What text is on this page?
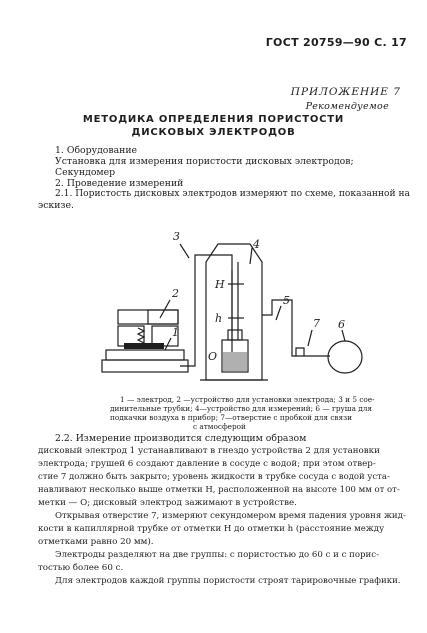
ГОСТ 20759—90 С. 17
ПРИЛОЖЕНИЕ 7
Рекомендуемое
МЕТОДИКА ОПРЕДЕЛЕНИЯ ПОРИСТОСТИ
ДИСКОВЫХ ЭЛЕКТРОДОВ
1. Оборудование
Установка для измерения пористости дисковых электродов;
Секундомер
2. Проведение измерений
2.1. Пористость дисковых электродов измеряют по схеме, показанной на
эскизе.
3
4
5
7 6
1
2
H
h
O
1 — электрод, 2 —устройство для установки электрода; 3 и 5 сое-
динительные трубки; 4—устройство для измерений; 6 — груша для
подкачки воздуха в прибор; 7—отверстие с пробкой для связи
с атмосферой
2.2. Измерение производится следующим образом
дисковый электрод 1 устанавливают в гнездо устройства 2 для установки
электрода; грушей 6 создают давление в сосуде с водой; при этом отвер-
стие 7 должно быть закрыто; уровень жидкости в трубке сосуда с водой уста-
навливают несколько выше отметки H, расположенной на высоте 100 мм от от-
метки — O; дисковый электрод зажимают в устройстве.
Открывая отверстие 7, измеряют секундомером время падения уровня жид-
кости в капиллярной трубке от отметки H до отметки h (расстояние между
отметками равно 20 мм).
Электроды разделяют на две группы: с пористостью до 60 с и с порис-
тостью более 60 с.
Для электродов каждой группы пористости строят тарировочные графики.
